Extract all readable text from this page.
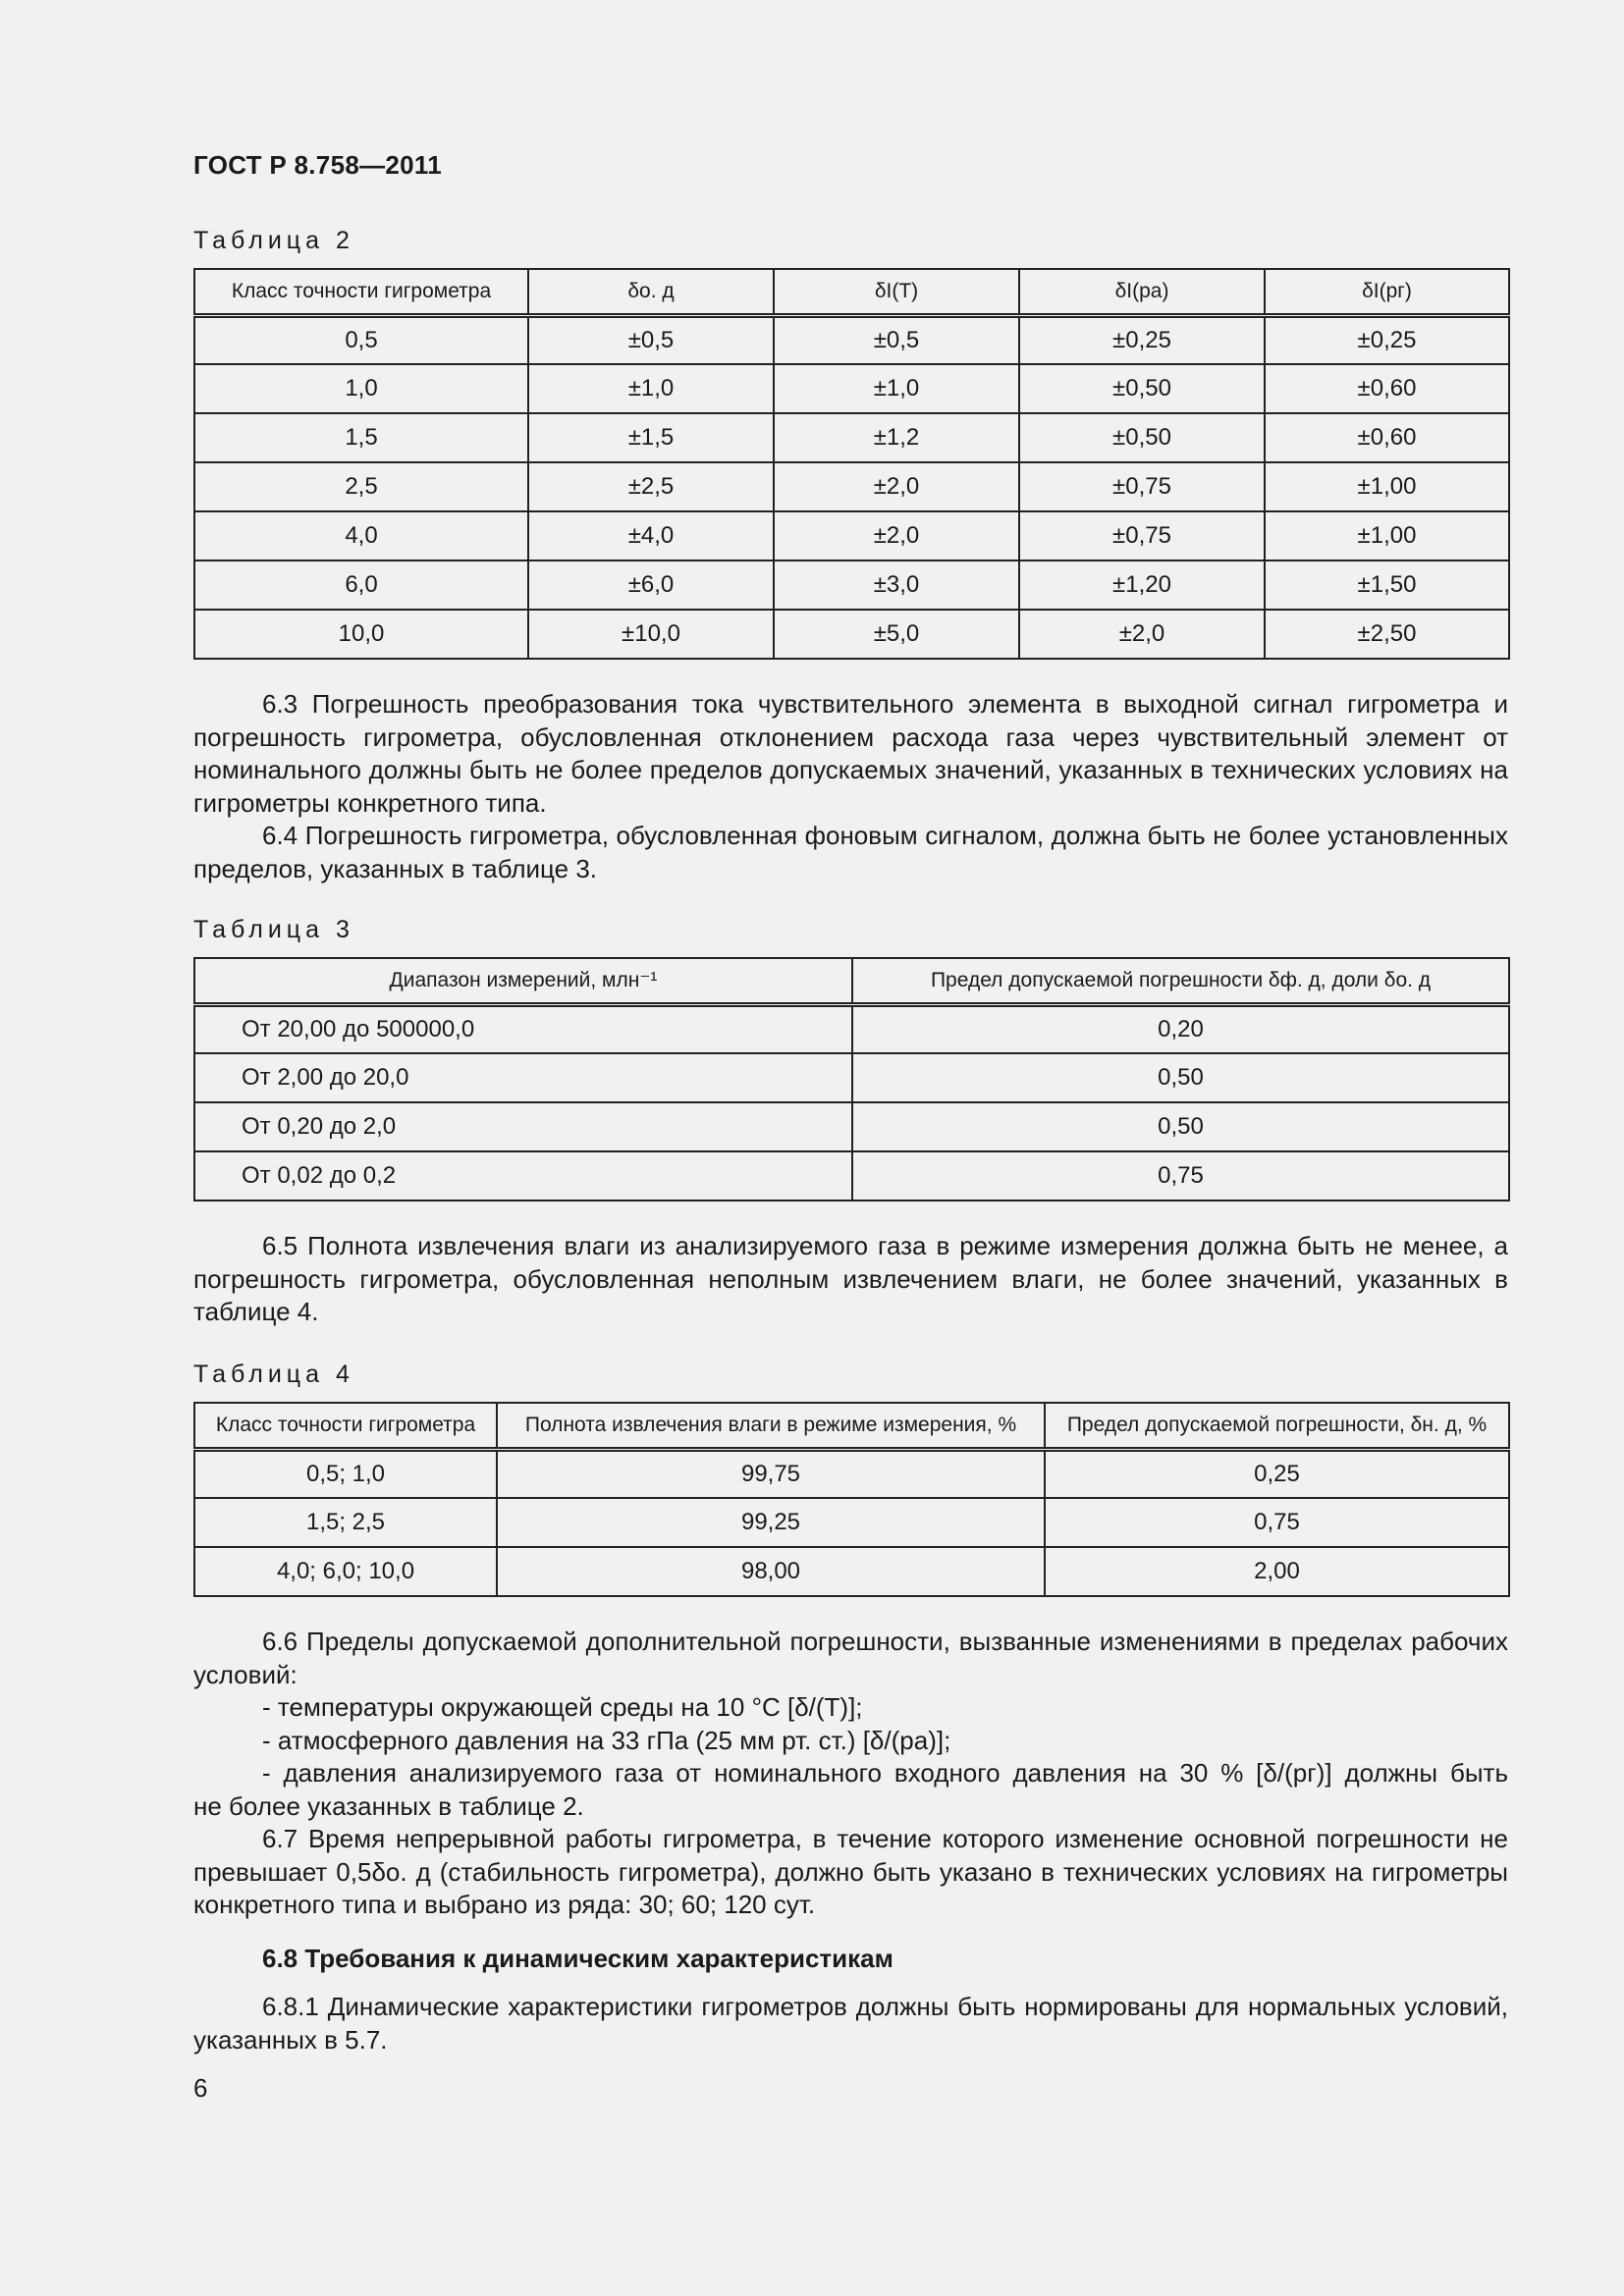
ГОСТ Р 8.758—2011
Таблица 2
Класс точности гигрометра	δо. д	δI(T)	δI(pа)	δI(pг)
0,5	±0,5	±0,5	±0,25	±0,25
1,0	±1,0	±1,0	±0,50	±0,60
1,5	±1,5	±1,2	±0,50	±0,60
2,5	±2,5	±2,0	±0,75	±1,00
4,0	±4,0	±2,0	±0,75	±1,00
6,0	±6,0	±3,0	±1,20	±1,50
10,0	±10,0	±5,0	±2,0	±2,50

6.3 Погрешность преобразования тока чувствительного элемента в выходной сигнал гигрометра и погрешность гигрометра, обусловленная отклонением расхода газа через чувствительный элемент от номинального должны быть не более пределов допускаемых значений, указанных в технических условиях на гигрометры конкретного типа.

6.4 Погрешность гигрометра, обусловленная фоновым сигналом, должна быть не более установленных пределов, указанных в таблице 3.

Таблица 3
Диапазон измерений, млн⁻¹	Предел допускаемой погрешности δф. д, доли δо. д
От 20,00 до 500000,0	0,20
От 2,00 до 20,0	0,50
От 0,20 до 2,0	0,50
От 0,02 до 0,2	0,75

6.5 Полнота извлечения влаги из анализируемого газа в режиме измерения должна быть не менее, а погрешность гигрометра, обусловленная неполным извлечением влаги, не более значений, указанных в таблице 4.

Таблица 4
Класс точности гигрометра	Полнота извлечения влаги в режиме измерения, %	Предел допускаемой погрешности, δн. д, %
0,5; 1,0	99,75	0,25
1,5; 2,5	99,25	0,75
4,0; 6,0; 10,0	98,00	2,00

6.6 Пределы допускаемой дополнительной погрешности, вызванные изменениями в пределах рабочих условий:

- температуры окружающей среды на 10 °С [δ/(T)];

- атмосферного давления на 33 гПа (25 мм рт. ст.) [δ/(pа)];

- давления анализируемого газа от номинального входного давления на 30 % [δ/(pг)] должны быть

не более указанных в таблице 2.

6.7 Время непрерывной работы гигрометра, в течение которого изменение основной погрешности не превышает 0,5δо. д (стабильность гигрометра), должно быть указано в технических условиях на гигрометры конкретного типа и выбрано из ряда: 30; 60; 120 сут.

6.8 Требования к динамическим характеристикам

6.8.1 Динамические характеристики гигрометров должны быть нормированы для нормальных условий, указанных в 5.7.

6
